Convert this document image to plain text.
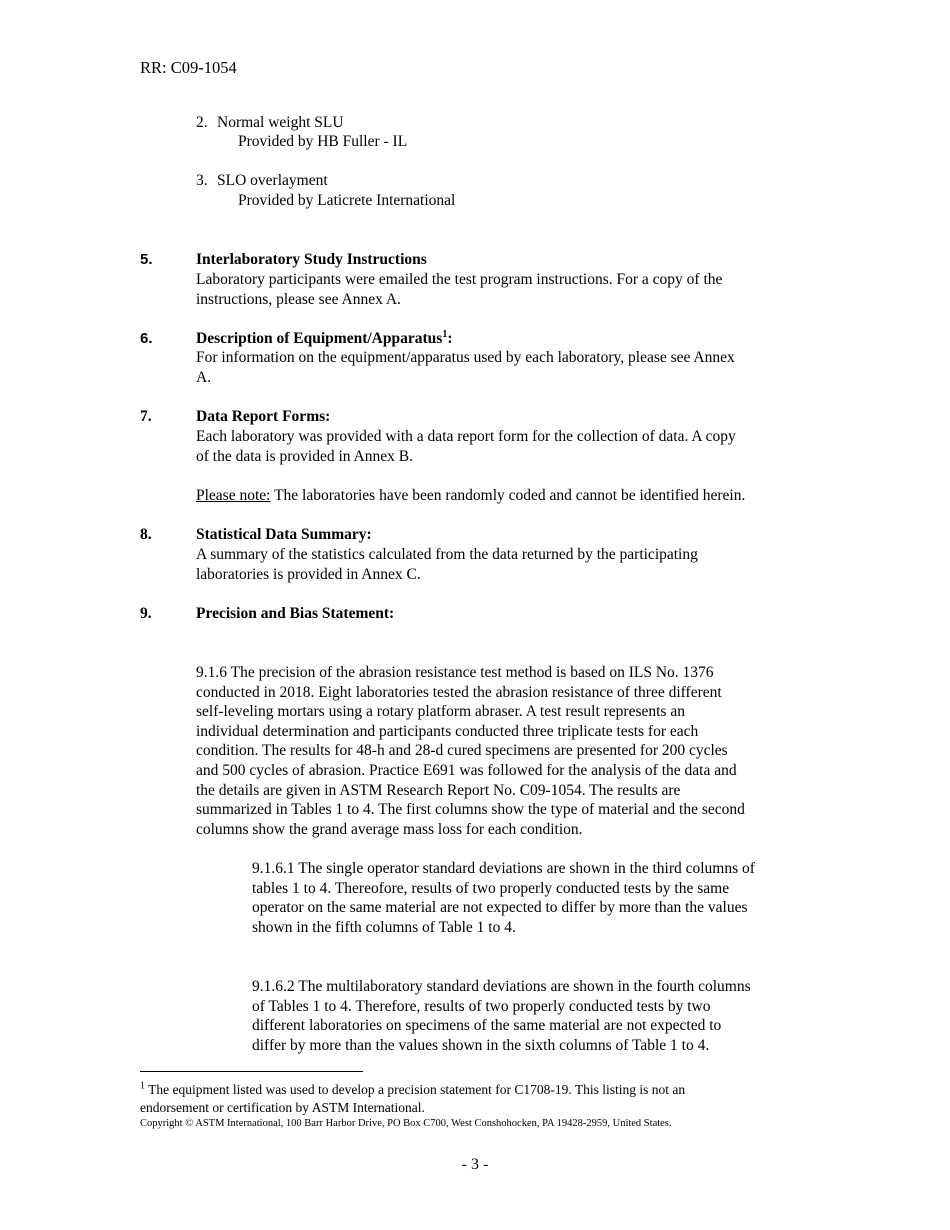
RR: C09-1054
2. Normal weight SLU
Provided by HB Fuller - IL
3. SLO overlayment
Provided by Laticrete International
5.	Interlaboratory Study Instructions
Laboratory participants were emailed the test program instructions. For a copy of the
instructions, please see Annex A.
6.	Description of Equipment/Apparatus$^1$:
For information on the equipment/apparatus used by each laboratory, please see Annex
A.
7.	Data Report Forms:
Each laboratory was provided with a data report form for the collection of data. A copy
of the data is provided in Annex B.
Please note: The laboratories have been randomly coded and cannot be identified herein.
8.	Statistical Data Summary:
A summary of the statistics calculated from the data returned by the participating
laboratories is provided in Annex C.
9.	Precision and Bias Statement:
9.1.6 The precision of the abrasion resistance test method is based on ILS No. 1376
conducted in 2018. Eight laboratories tested the abrasion resistance of three different
self-leveling mortars using a rotary platform abraser. A test result represents an
individual determination and participants conducted three triplicate tests for each
condition. The results for 48-h and 28-d cured specimens are presented for 200 cycles
and 500 cycles of abrasion. Practice E691 was followed for the analysis of the data and
the details are given in ASTM Research Report No. C09-1054. The results are
summarized in Tables 1 to 4. The first columns show the type of material and the second
columns show the grand average mass loss for each condition.
9.1.6.1 The single operator standard deviations are shown in the third columns of
tables 1 to 4. Thereofore, results of two properly conducted tests by the same
operator on the same material are not expected to differ by more than the values
shown in the fifth columns of Table 1 to 4.
9.1.6.2 The multilaboratory standard deviations are shown in the fourth columns
of Tables 1 to 4. Therefore, results of two properly conducted tests by two
different laboratories on specimens of the same material are not expected to
differ by more than the values shown in the sixth columns of Table 1 to 4.
$^1$ The equipment listed was used to develop a precision statement for C1708-19. This listing is not an
endorsement or certification by ASTM International.
Copyright © ASTM International, 100 Barr Harbor Drive, PO Box C700, West Conshohocken, PA 19428-2959, United States.
- 3 -
